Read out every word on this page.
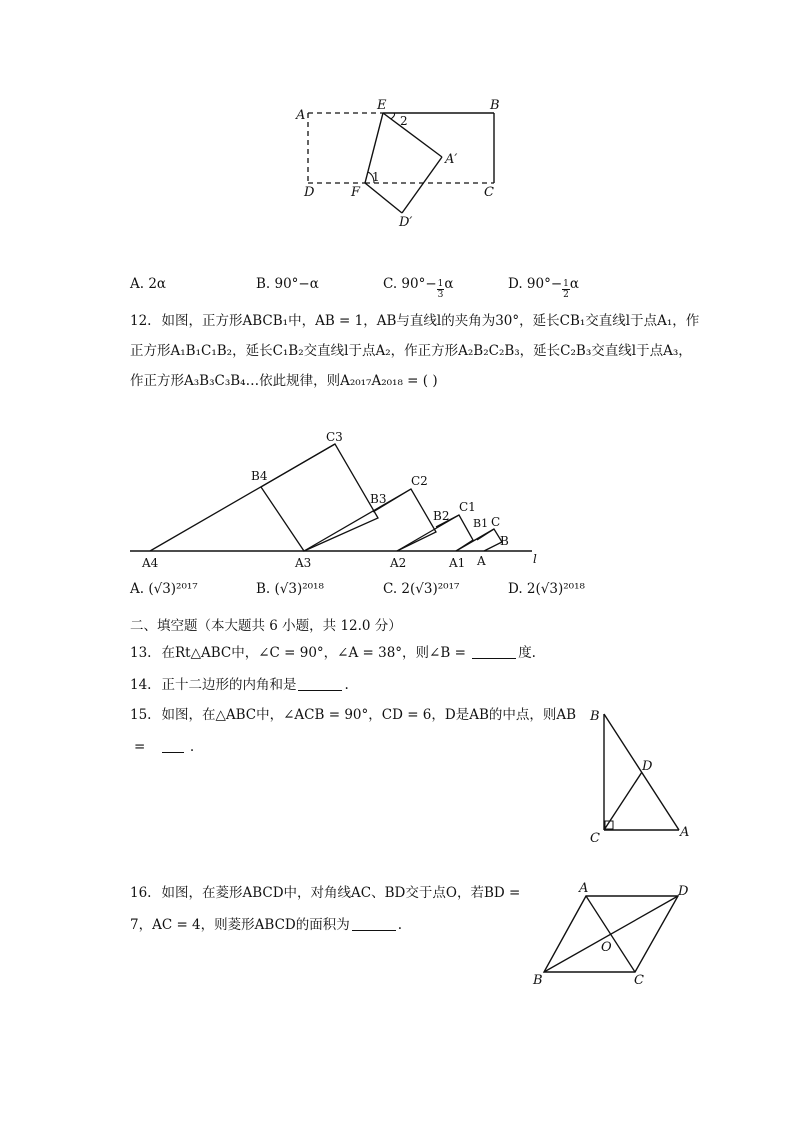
A
E	B
2
A′
1
D	F	C
D′
A. 2α	B. 90°−α	C. $90^\circ- \frac{1}{3}$ α	D. $90^\circ- \frac{1}{2}$ α
12. 如图，正方形ABCB₁中，AB = 1，AB与直线l的夹角为30°，延长CB₁交直线l于点A₁，作
正方形A₁B₁C₁B₂，延长C₁B₂交直线l于点A₂，作正方形A₂B₂C₂B₃，延长C₂B₃交直线l于点A₃，
作正方形A₃B₃C₃B₄…依此规律，则A₂₀₁₇A₂₀₁₈ = ( )
C3
B4
B3
C2
B2
C1
B1 C
B
A4	A3	A2	A1 A	l
A. (√3)²⁰¹⁷	B. (√3)²⁰¹⁸	C. 2(√3)²⁰¹⁷	D. 2(√3)²⁰¹⁸
二、填空题（本大题共 6 小题，共 12.0 分）
13. 在Rt△ABC中，∠C = 90°，∠A = 38°，则∠B =	度.
14. 正十二边形的内角和是	.
15. 如图，在△ABC中，∠ACB = 90°，CD = 6，D是AB的中点，则AB
=	.
B
D
C	A
16. 如图，在菱形ABCD中，对角线AC、BD交于点O，若BD =
7，AC = 4，则菱形ABCD的面积为	.
A	D
O
B	C
